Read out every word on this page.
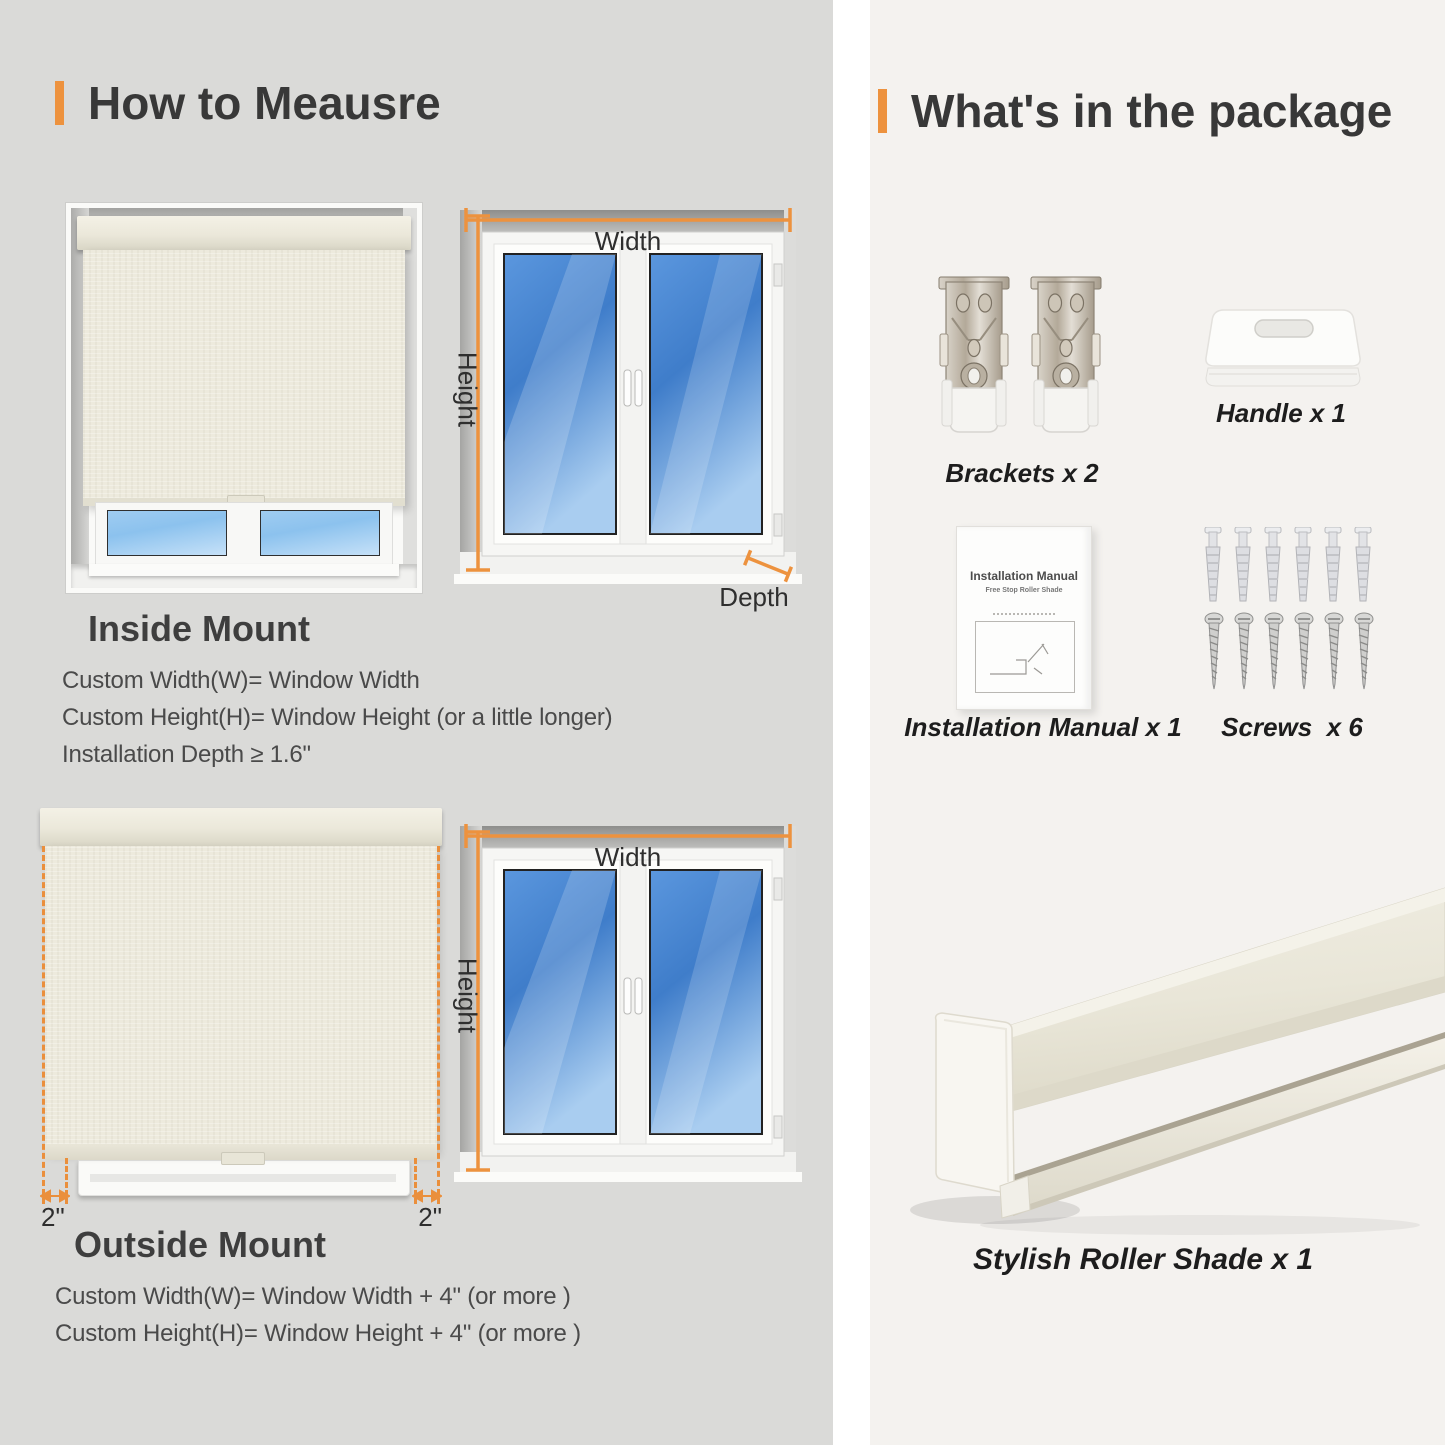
How to Meausre
Width
Height
Depth
Inside Mount
Custom Width(W)= Window Width
Custom Height(H)= Window Height (or a little longer)
Installation Depth ≥ 1.6"
2"	2"
Width
Height
Outside Mount
Custom Width(W)= Window Width + 4" (or more )
Custom Height(H)= Window Height + 4" (or more )
What's in the package
Brackets x 2
Handle x 1
Installation Manual
Free Stop Roller Shade
Installation Manual x 1	Screws  x 6
Stylish Roller Shade x 1
